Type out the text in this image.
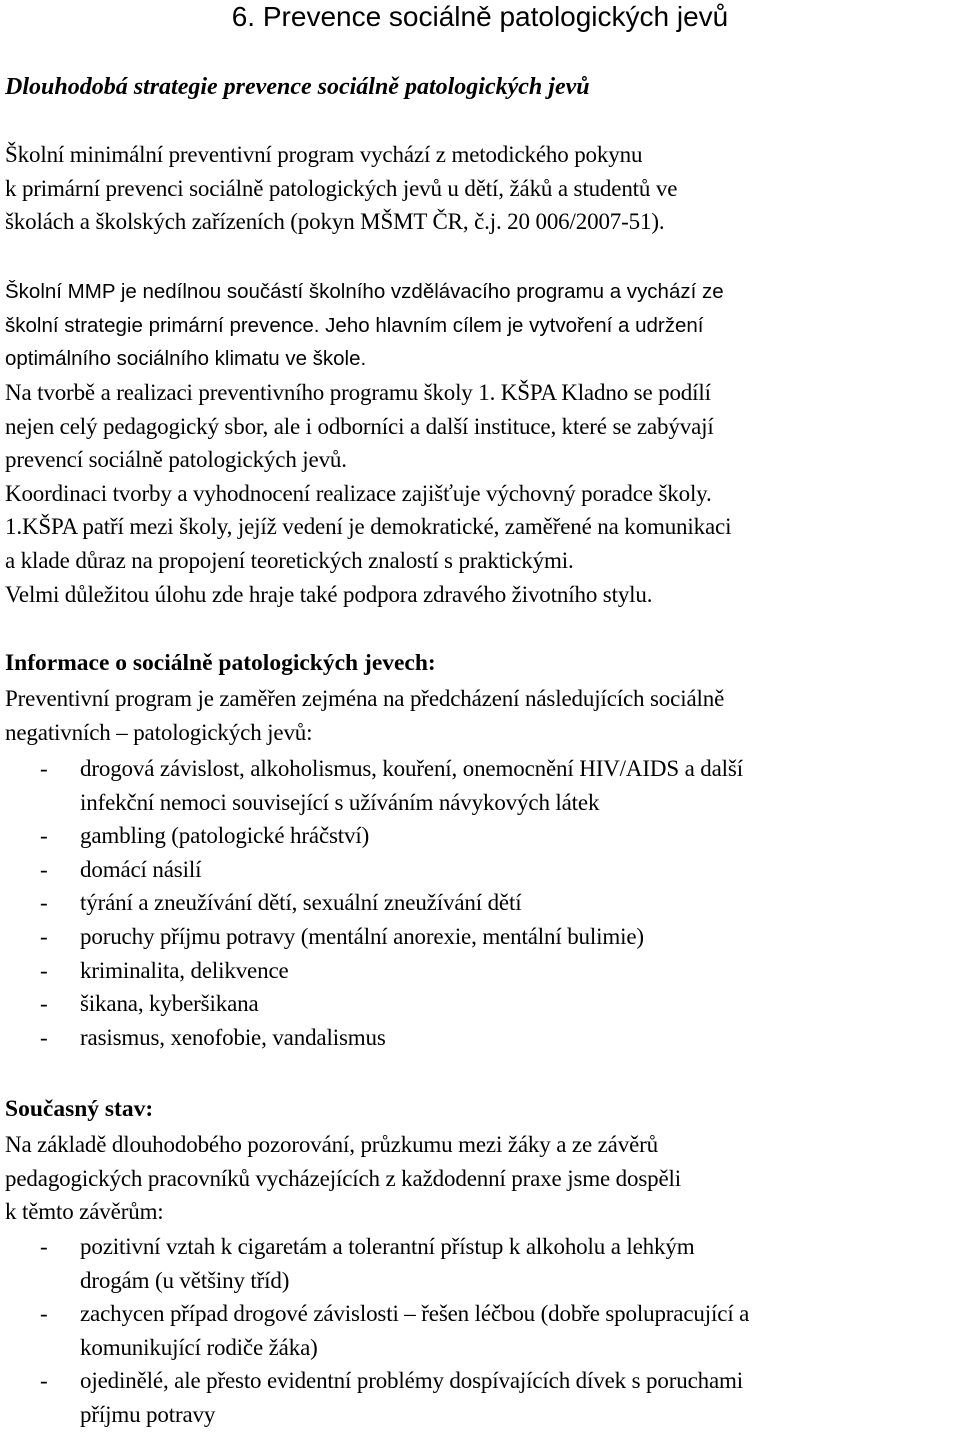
6. Prevence sociálně patologických jevů
Dlouhodobá strategie prevence sociálně patologických jevů

Školní minimální preventivní program vychází z metodického pokynu
k primární prevenci sociálně patologických jevů u dětí, žáků a studentů ve
školách a školských zařízeních (pokyn MŠMT ČR, č.j. 20 006/2007-51).

Školní MMP je nedílnou součástí školního vzdělávacího programu a vychází ze
školní strategie primární prevence. Jeho hlavním cílem je vytvoření a udržení
optimálního sociálního klimatu ve škole.

Na tvorbě a realizaci preventivního programu školy 1. KŠPA Kladno se podílí
nejen celý pedagogický sbor, ale i odborníci a další instituce, které se zabývají
prevencí sociálně patologických jevů.
Koordinaci tvorby a vyhodnocení realizace zajišťuje výchovný poradce školy.
1.KŠPA patří mezi školy, jejíž vedení je demokratické, zaměřené na komunikaci
a klade důraz na propojení teoretických znalostí s praktickými.
Velmi důležitou úlohu zde hraje také podpora zdravého životního stylu.

Informace o sociálně patologických jevech:

Preventivní program je zaměřen zejména na předcházení následujících sociálně
negativních – patologických jevů:

- drogová závislost, alkoholismus, kouření, onemocnění HIV/AIDS a další
infekční nemoci související s užíváním návykových látek
- gambling (patologické hráčství)
- domácí násilí
- týrání a zneužívání dětí, sexuální zneužívání dětí
- poruchy příjmu potravy (mentální anorexie, mentální bulimie)
- kriminalita, delikvence
- šikana, kyberšikana
- rasismus, xenofobie, vandalismus
Současný stav:

Na základě dlouhodobého pozorování, průzkumu mezi žáky a ze závěrů
pedagogických pracovníků vycházejících z každodenní praxe jsme dospěli
k těmto závěrům:

- pozitivní vztah k cigaretám a tolerantní přístup k alkoholu a lehkým
drogám (u většiny tříd)
- zachycen případ drogové závislosti – řešen léčbou (dobře spolupracující a
komunikující rodiče žáka)
- ojedinělé, ale přesto evidentní problémy dospívajících dívek s poruchami
příjmu potravy
